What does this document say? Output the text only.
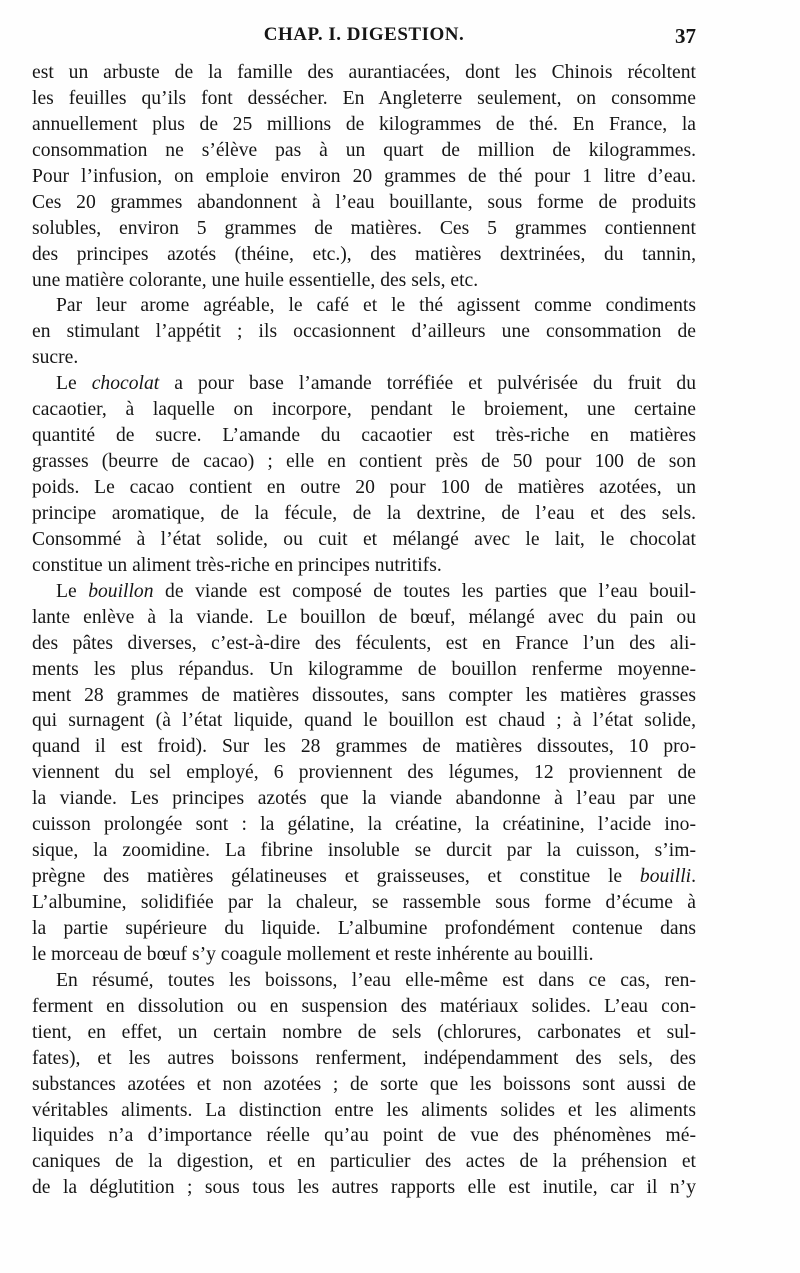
CHAP. I. DIGESTION.	37
est un arbuste de la famille des aurantiacées, dont les Chinois récoltent
les feuilles qu’ils font dessécher. En Angleterre seulement, on consomme
annuellement plus de 25 millions de kilogrammes de thé. En France, la
consommation ne s’élève pas à un quart de million de kilogrammes.
Pour l’infusion, on emploie environ 20 grammes de thé pour 1 litre d’eau.
Ces 20 grammes abandonnent à l’eau bouillante, sous forme de produits
solubles, environ 5 grammes de matières. Ces 5 grammes contiennent
des principes azotés (théine, etc.), des matières dextrinées, du tannin,
une matière colorante, une huile essentielle, des sels, etc.
Par leur arome agréable, le café et le thé agissent comme condiments
en stimulant l’appétit ; ils occasionnent d’ailleurs une consommation de
sucre.
Le chocolat a pour base l’amande torréfiée et pulvérisée du fruit du
cacaotier, à laquelle on incorpore, pendant le broiement, une certaine
quantité de sucre. L’amande du cacaotier est très-riche en matières
grasses (beurre de cacao) ; elle en contient près de 50 pour 100 de son
poids. Le cacao contient en outre 20 pour 100 de matières azotées, un
principe aromatique, de la fécule, de la dextrine, de l’eau et des sels.
Consommé à l’état solide, ou cuit et mélangé avec le lait, le chocolat
constitue un aliment très-riche en principes nutritifs.
Le bouillon de viande est composé de toutes les parties que l’eau bouil-
lante enlève à la viande. Le bouillon de bœuf, mélangé avec du pain ou
des pâtes diverses, c’est-à-dire des féculents, est en France l’un des ali-
ments les plus répandus. Un kilogramme de bouillon renferme moyenne-
ment 28 grammes de matières dissoutes, sans compter les matières grasses
qui surnagent (à l’état liquide, quand le bouillon est chaud ; à l’état solide,
quand il est froid). Sur les 28 grammes de matières dissoutes, 10 pro-
viennent du sel employé, 6 proviennent des légumes, 12 proviennent de
la viande. Les principes azotés que la viande abandonne à l’eau par une
cuisson prolongée sont : la gélatine, la créatine, la créatinine, l’acide ino-
sique, la zoomidine. La fibrine insoluble se durcit par la cuisson, s’im-
prègne des matières gélatineuses et graisseuses, et constitue le bouilli.
L’albumine, solidifiée par la chaleur, se rassemble sous forme d’écume à
la partie supérieure du liquide. L’albumine profondément contenue dans
le morceau de bœuf s’y coagule mollement et reste inhérente au bouilli.
En résumé, toutes les boissons, l’eau elle-même est dans ce cas, ren-
ferment en dissolution ou en suspension des matériaux solides. L’eau con-
tient, en effet, un certain nombre de sels (chlorures, carbonates et sul-
fates), et les autres boissons renferment, indépendamment des sels, des
substances azotées et non azotées ; de sorte que les boissons sont aussi de
véritables aliments. La distinction entre les aliments solides et les aliments
liquides n’a d’importance réelle qu’au point de vue des phénomènes mé-
caniques de la digestion, et en particulier des actes de la préhension et
de la déglutition ; sous tous les autres rapports elle est inutile, car il n’y
